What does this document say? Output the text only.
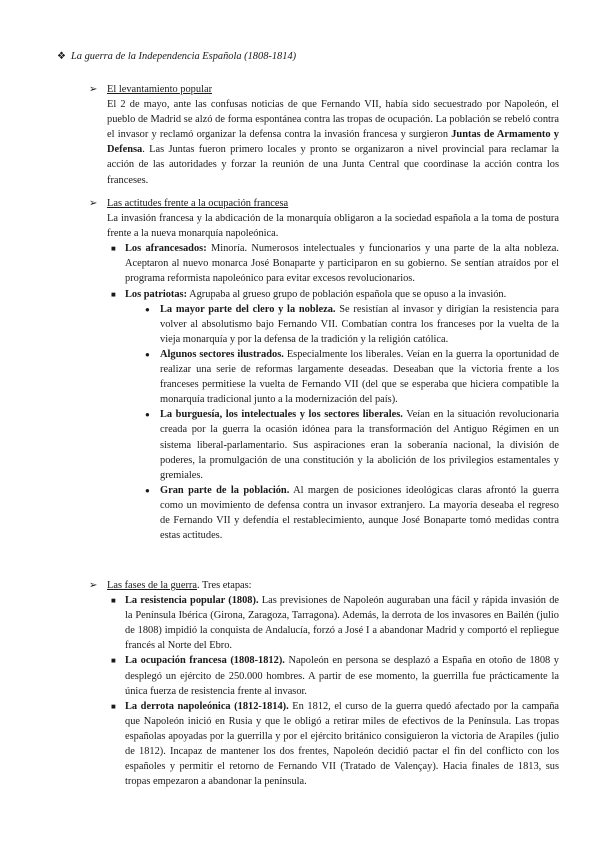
❖ La guerra de la Independencia Española (1808-1814)
➢ El levantamiento popular
El 2 de mayo, ante las confusas noticias de que Fernando VII, había sido secuestrado por Napoleón, el pueblo de Madrid se alzó de forma espontánea contra las tropas de ocupación. La población se rebeló contra el invasor y reclamó organizar la defensa contra la invasión francesa y surgieron Juntas de Armamento y Defensa. Las Juntas fueron primero locales y pronto se organizaron a nivel provincial para reclamar la acción de las autoridades y forzar la reunión de una Junta Central que coordinase la acción contra los franceses.
➢ Las actitudes frente a la ocupación francesa
La invasión francesa y la abdicación de la monarquía obligaron a la sociedad española a la toma de postura frente a la nueva monarquía napoleónica.
■ Los afrancesados: Minoría. Numerosos intelectuales y funcionarios y una parte de la alta nobleza. Aceptaron al nuevo monarca José Bonaparte y participaron en su gobierno. Se sentían atraídos por el programa reformista napoleónico para evitar excesos revolucionarios.
■ Los patriotas: Agrupaba al grueso grupo de población española que se opuso a la invasión.
● La mayor parte del clero y la nobleza. Se resistían al invasor y dirigían la resistencia para volver al absolutismo bajo Fernando VII. Combatían contra los franceses por la vuelta de la vieja monarquía y por la defensa de la tradición y la religión católica.
● Algunos sectores ilustrados. Especialmente los liberales. Veían en la guerra la oportunidad de realizar una serie de reformas largamente deseadas. Deseaban que la victoria frente a los franceses permitiese la vuelta de Fernando VII (del que se esperaba que hiciera compatible la monarquía tradicional junto a la modernización del país).
● La burguesía, los intelectuales y los sectores liberales. Veían en la situación revolucionaria creada por la guerra la ocasión idónea para la transformación del Antiguo Régimen en un sistema liberal-parlamentario. Sus aspiraciones eran la soberanía nacional, la división de poderes, la promulgación de una constitución y la abolición de los privilegios estamentales y gremiales.
● Gran parte de la población. Al margen de posiciones ideológicas claras afrontó la guerra como un movimiento de defensa contra un invasor extranjero. La mayoría deseaba el regreso de Fernando VII y defendía el restablecimiento, aunque José Bonaparte tomó medidas contra estas actitudes.
➢ Las fases de la guerra. Tres etapas:
■ La resistencia popular (1808). Las previsiones de Napoleón auguraban una fácil y rápida invasión de la Península Ibérica (Girona, Zaragoza, Tarragona). Además, la derrota de los invasores en Bailén (julio de 1808) impidió la conquista de Andalucía, forzó a José I a abandonar Madrid y comportó el repliegue francés al Norte del Ebro.
■ La ocupación francesa (1808-1812). Napoleón en persona se desplazó a España en otoño de 1808 y desplegó un ejército de 250.000 hombres. A partir de ese momento, la guerrilla fue prácticamente la única fuerza de resistencia frente al invasor.
■ La derrota napoleónica (1812-1814). En 1812, el curso de la guerra quedó afectado por la campaña que Napoleón inició en Rusia y que le obligó a retirar miles de efectivos de la Península. Las tropas españolas apoyadas por la guerrilla y por el ejército británico consiguieron la victoria de Arapiles (julio de 1812). Incapaz de mantener los dos frentes, Napoleón decidió pactar el fin del conflicto con los españoles y permitir el retorno de Fernando VII (Tratado de Valençay). Hacia finales de 1813, sus tropas empezaron a abandonar la península.
